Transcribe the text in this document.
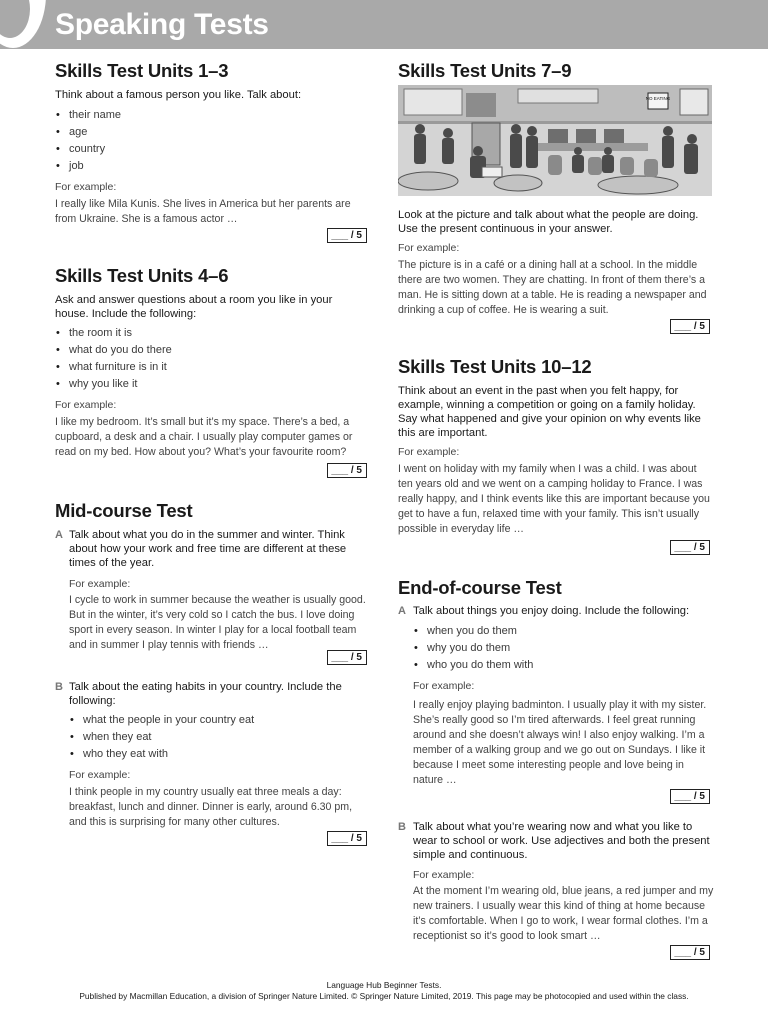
Speaking Tests
Skills Test Units 1–3

Think about a famous person you like. Talk about:

• their name
• age
• country
• job

For example:

I really like Mila Kunis. She lives in America but her parents are from Ukraine. She is a famous actor …

___ / 5
Skills Test Units 4–6

Ask and answer questions about a room you like in your house. Include the following:

• the room it is
• what do you do there
• what furniture is in it
• why you like it

For example:

I like my bedroom. It’s small but it’s my space. There’s a bed, a cupboard, a desk and a chair. I usually play computer games or read on my bed. How about you? What’s your favourite room?

___ / 5
Mid-course Test
A Talk about what you do in the summer and winter. Think about how your work and free time are different at these times of the year.

For example:

I cycle to work in summer because the weather is usually good. But in the winter, it’s very cold so I catch the bus. I love doing sport in every season. In winter I play for a local football team and in summer I play tennis with friends …

___ / 5
B Talk about the eating habits in your country. Include the following:

• what the people in your country eat
• when they eat
• who they eat with

For example:

I think people in my country usually eat three meals a day: breakfast, lunch and dinner. Dinner is early, around 6.30 pm, and this is surprising for many other cultures.

___ / 5
Skills Test Units 7–9
NO EATING

Look at the picture and talk about what the people are doing. Use the present continuous in your answer.

For example:

The picture is in a café or a dining hall at a school. In the middle there are two women. They are chatting. In front of them there’s a man. He is sitting down at a table. He is reading a newspaper and drinking a cup of coffee. He is wearing a suit.

___ / 5
Skills Test Units 10–12

Think about an event in the past when you felt happy, for example, winning a competition or going on a family holiday. Say what happened and give your opinion on why events like this are important.

For example:

I went on holiday with my family when I was a child. I was about ten years old and we went on a camping holiday to France. I was really happy, and I think events like this are important because you get to have a fun, relaxed time with your family. This isn’t usually possible in everyday life …

___ / 5
End-of-course Test
A Talk about things you enjoy doing. Include the following:

• when you do them
• why you do them
• who you do them with

For example:

I really enjoy playing badminton. I usually play it with my sister. She’s really good so I’m tired afterwards. I feel great running around and she doesn’t always win! I also enjoy walking. I’m a member of a walking group and we go out on Sundays. I like it because I meet some interesting people and love being in nature …

___ / 5
B Talk about what you’re wearing now and what you like to wear to school or work. Use adjectives and both the present simple and continuous.

For example:

At the moment I’m wearing old, blue jeans, a red jumper and my new trainers. I usually wear this kind of thing at home because it’s comfortable. When I go to work, I wear formal clothes. I’m a receptionist so it’s good to look smart …

___ / 5
Language Hub Beginner Tests.
Published by Macmillan Education, a division of Springer Nature Limited. © Springer Nature Limited, 2019. This page may be photocopied and used within the class.
